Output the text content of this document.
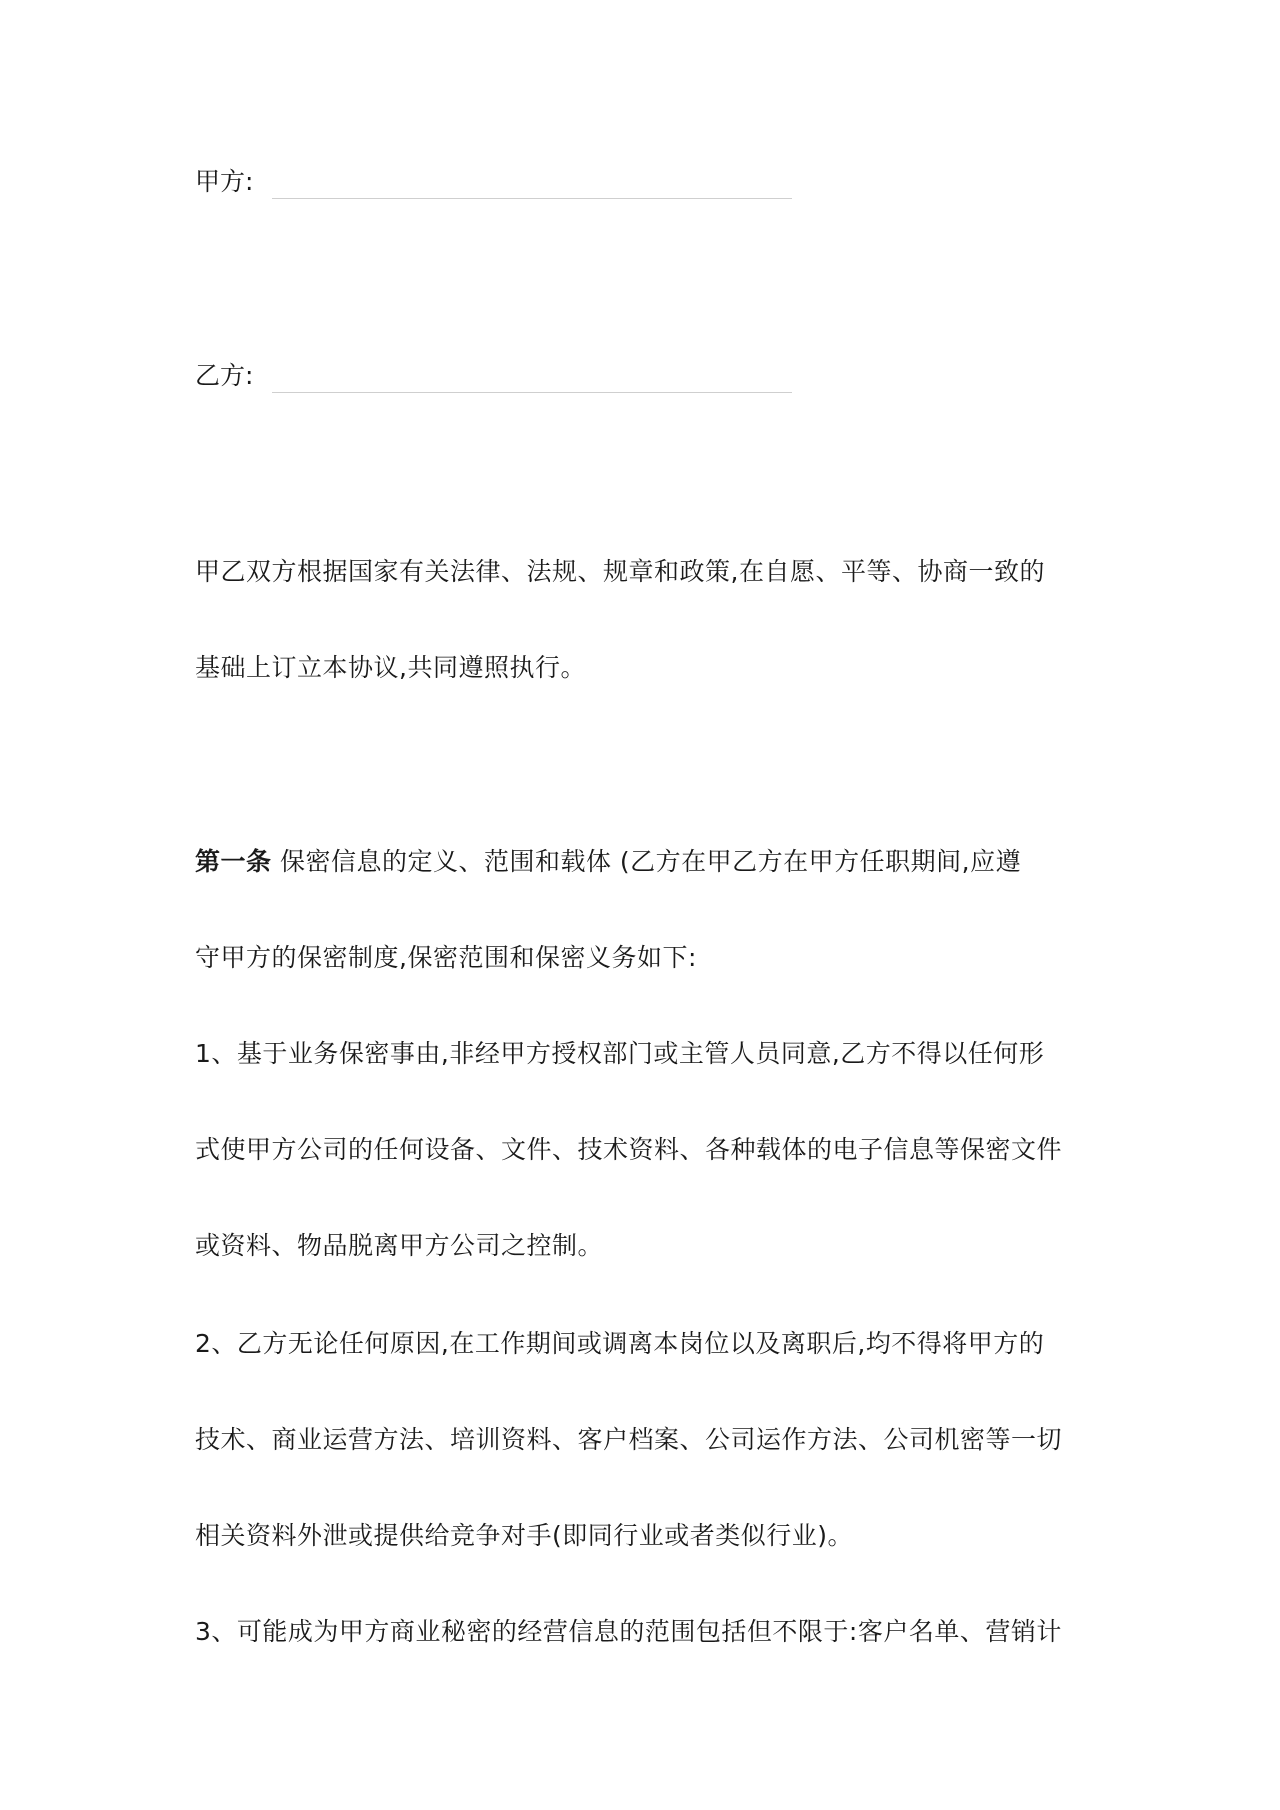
甲方:
乙方:
甲乙双方根据国家有关法律、法规、规章和政策,在自愿、平等、协商一致的
基础上订立本协议,共同遵照执行。
第一条 保密信息的定义、范围和载体 (乙方在甲乙方在甲方任职期间,应遵
守甲方的保密制度,保密范围和保密义务如下:
1、基于业务保密事由,非经甲方授权部门或主管人员同意,乙方不得以任何形
式使甲方公司的任何设备、文件、技术资料、各种载体的电子信息等保密文件
或资料、物品脱离甲方公司之控制。
2、乙方无论任何原因,在工作期间或调离本岗位以及离职后,均不得将甲方的
技术、商业运营方法、培训资料、客户档案、公司运作方法、公司机密等一切
相关资料外泄或提供给竞争对手(即同行业或者类似行业)。
3、可能成为甲方商业秘密的经营信息的范围包括但不限于:客户名单、营销计
